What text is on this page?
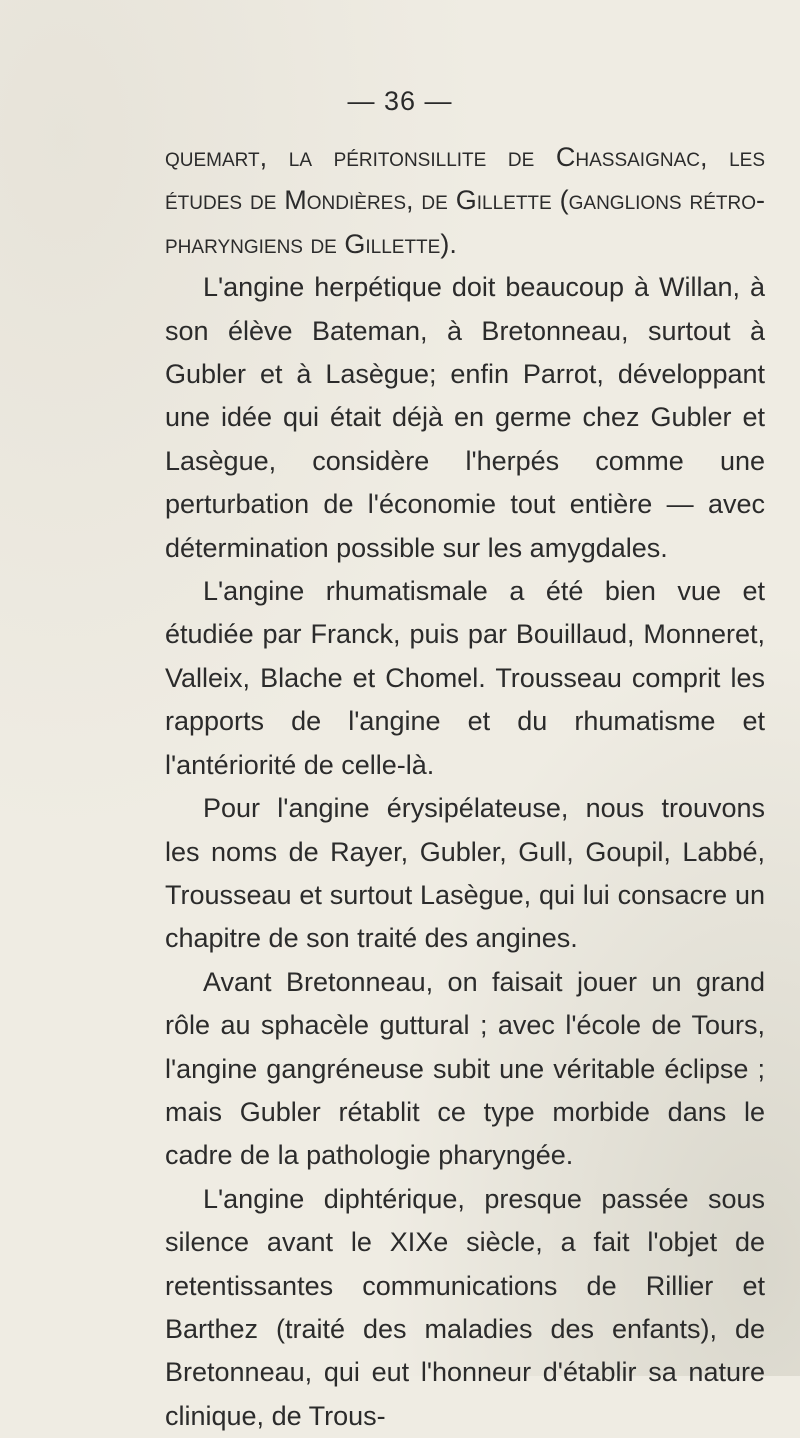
— 36 —

quemart, la péritonsillite de Chassaignac, les études de Mondières, de Gillette (ganglions rétro-pharyngiens de Gillette).

L'angine herpétique doit beaucoup à Willan, à son élève Bateman, à Bretonneau, surtout à Gubler et à Lasègue; enfin Parrot, développant une idée qui était déjà en germe chez Gubler et Lasègue, considère l'herpés comme une perturbation de l'économie tout entière — avec détermination possible sur les amygdales.

L'angine rhumatismale a été bien vue et étudiée par Franck, puis par Bouillaud, Monneret, Valleix, Blache et Chomel. Trousseau comprit les rapports de l'angine et du rhumatisme et l'antériorité de celle-là.

Pour l'angine érysipélateuse, nous trouvons les noms de Rayer, Gubler, Gull, Goupil, Labbé, Trousseau et surtout Lasègue, qui lui consacre un chapitre de son traité des angines.

Avant Bretonneau, on faisait jouer un grand rôle au sphacèle guttural ; avec l'école de Tours, l'angine gangréneuse subit une véritable éclipse ; mais Gubler rétablit ce type morbide dans le cadre de la pathologie pharyngée.

L'angine diphtérique, presque passée sous silence avant le XIXe siècle, a fait l'objet de retentissantes communications de Rillier et Barthez (traité des maladies des enfants), de Bretonneau, qui eut l'honneur d'établir sa nature clinique, de Trous-
